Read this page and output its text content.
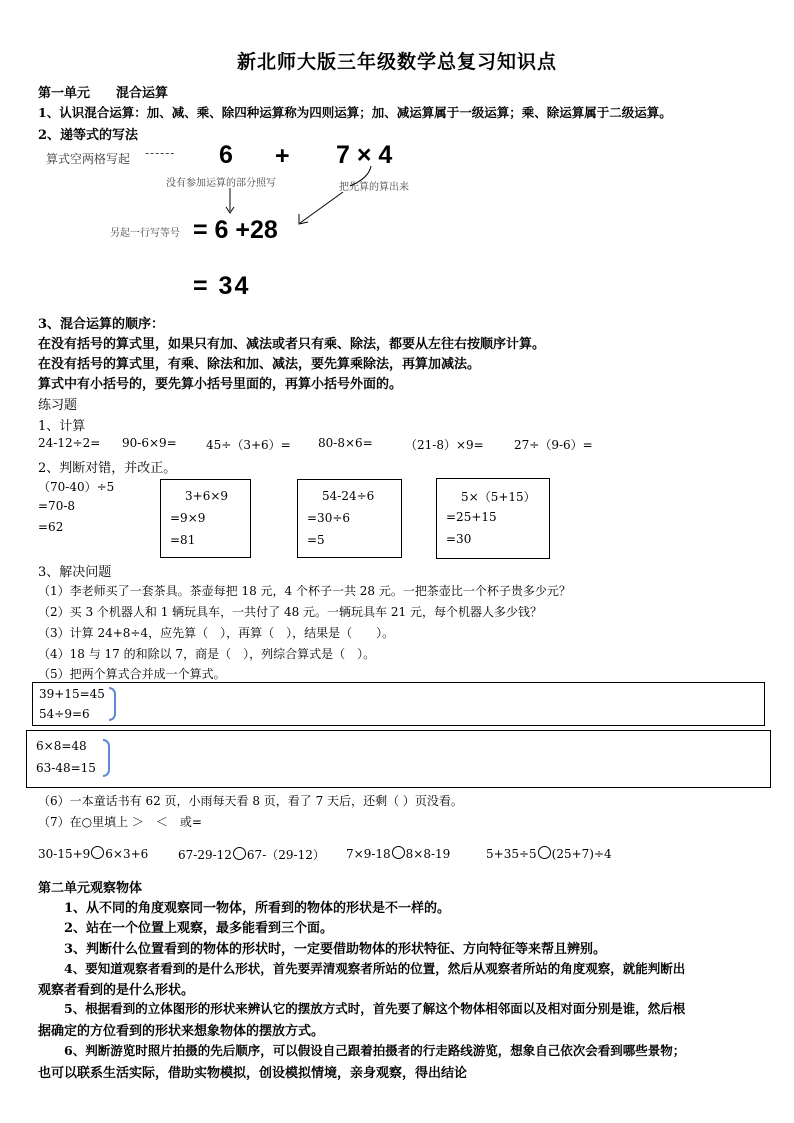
新北师大版三年级数学总复习知识点
第一单元　　混合运算
1、认识混合运算：加、减、乘、除四种运算称为四则运算；加、减运算属于一级运算；乘、除运算属于二级运算。
2、递等式的写法
算式空两格写起 ‐‐‐‐‐‐ 6 + 7 × 4
没有参加运算的部分照写	把先算的算出来
另起一行写等号 = 6 +28
= 34
3、混合运算的顺序：
在没有括号的算式里，如果只有加、减法或者只有乘、除法，都要从左往右按顺序计算。
在没有括号的算式里，有乘、除法和加、减法，要先算乘除法，再算加减法。
算式中有小括号的，要先算小括号里面的，再算小括号外面的。
练习题
1、计算
24-12÷2= 90-6×9= 45÷（3+6）= 80-8×6=	（21-8）×9=	27÷（9-6）=
2、判断对错，并改正。
（70-40）÷5
=70-8
=62
3+6×9
=9×9
=81
54-24÷6
=30÷6
=5
5×（5+15）
=25+15
=30
3、解决问题
（1）李老师买了一套茶具。茶壶每把 18 元，4 个杯子一共 28 元。一把茶壶比一个杯子贵多少元？
（2）买 3 个机器人和 1 辆玩具车，一共付了 48 元。一辆玩具车 21 元，每个机器人多少钱？
（3）计算 24+8÷4，应先算（　），再算（　），结果是（　　）。
（4）18 与 17 的和除以 7，商是（　），列综合算式是（　）。
（5）把两个算式合并成一个算式。
39+15=45
54÷9=6
6×8=48
63-48=15
（6）一本童话书有 62 页，小雨每天看 8 页，看了 7 天后，还剩（ ）页没看。
（7）在○里填上 ＞　＜　或=
30-15+9 6×3+6 67-29-12 67-（29-12） 7×9-18 8×8-19	5+35÷5 (25+7)÷4
第二单元观察物体
1、从不同的角度观察同一物体，所看到的物体的形状是不一样的。
2、站在一个位置上观察，最多能看到三个面。
3、判断什么位置看到的物体的形状时，一定要借助物体的形状特征、方向特征等来帮且辨别。
4、要知道观察者看到的是什么形状，首先要弄清观察者所站的位置，然后从观察者所站的角度观察，就能判断出
观察者看到的是什么形状。
5、根据看到的立体图形的形状来辨认它的摆放方式时，首先要了解这个物体相邻面以及相对面分别是谁，然后根
据确定的方位看到的形状来想象物体的摆放方式。
6、判断游览时照片拍摄的先后顺序，可以假设自己跟着拍摄者的行走路线游览，想象自己依次会看到哪些景物；
也可以联系生活实际，借助实物模拟，创设模拟情境，亲身观察，得出结论
